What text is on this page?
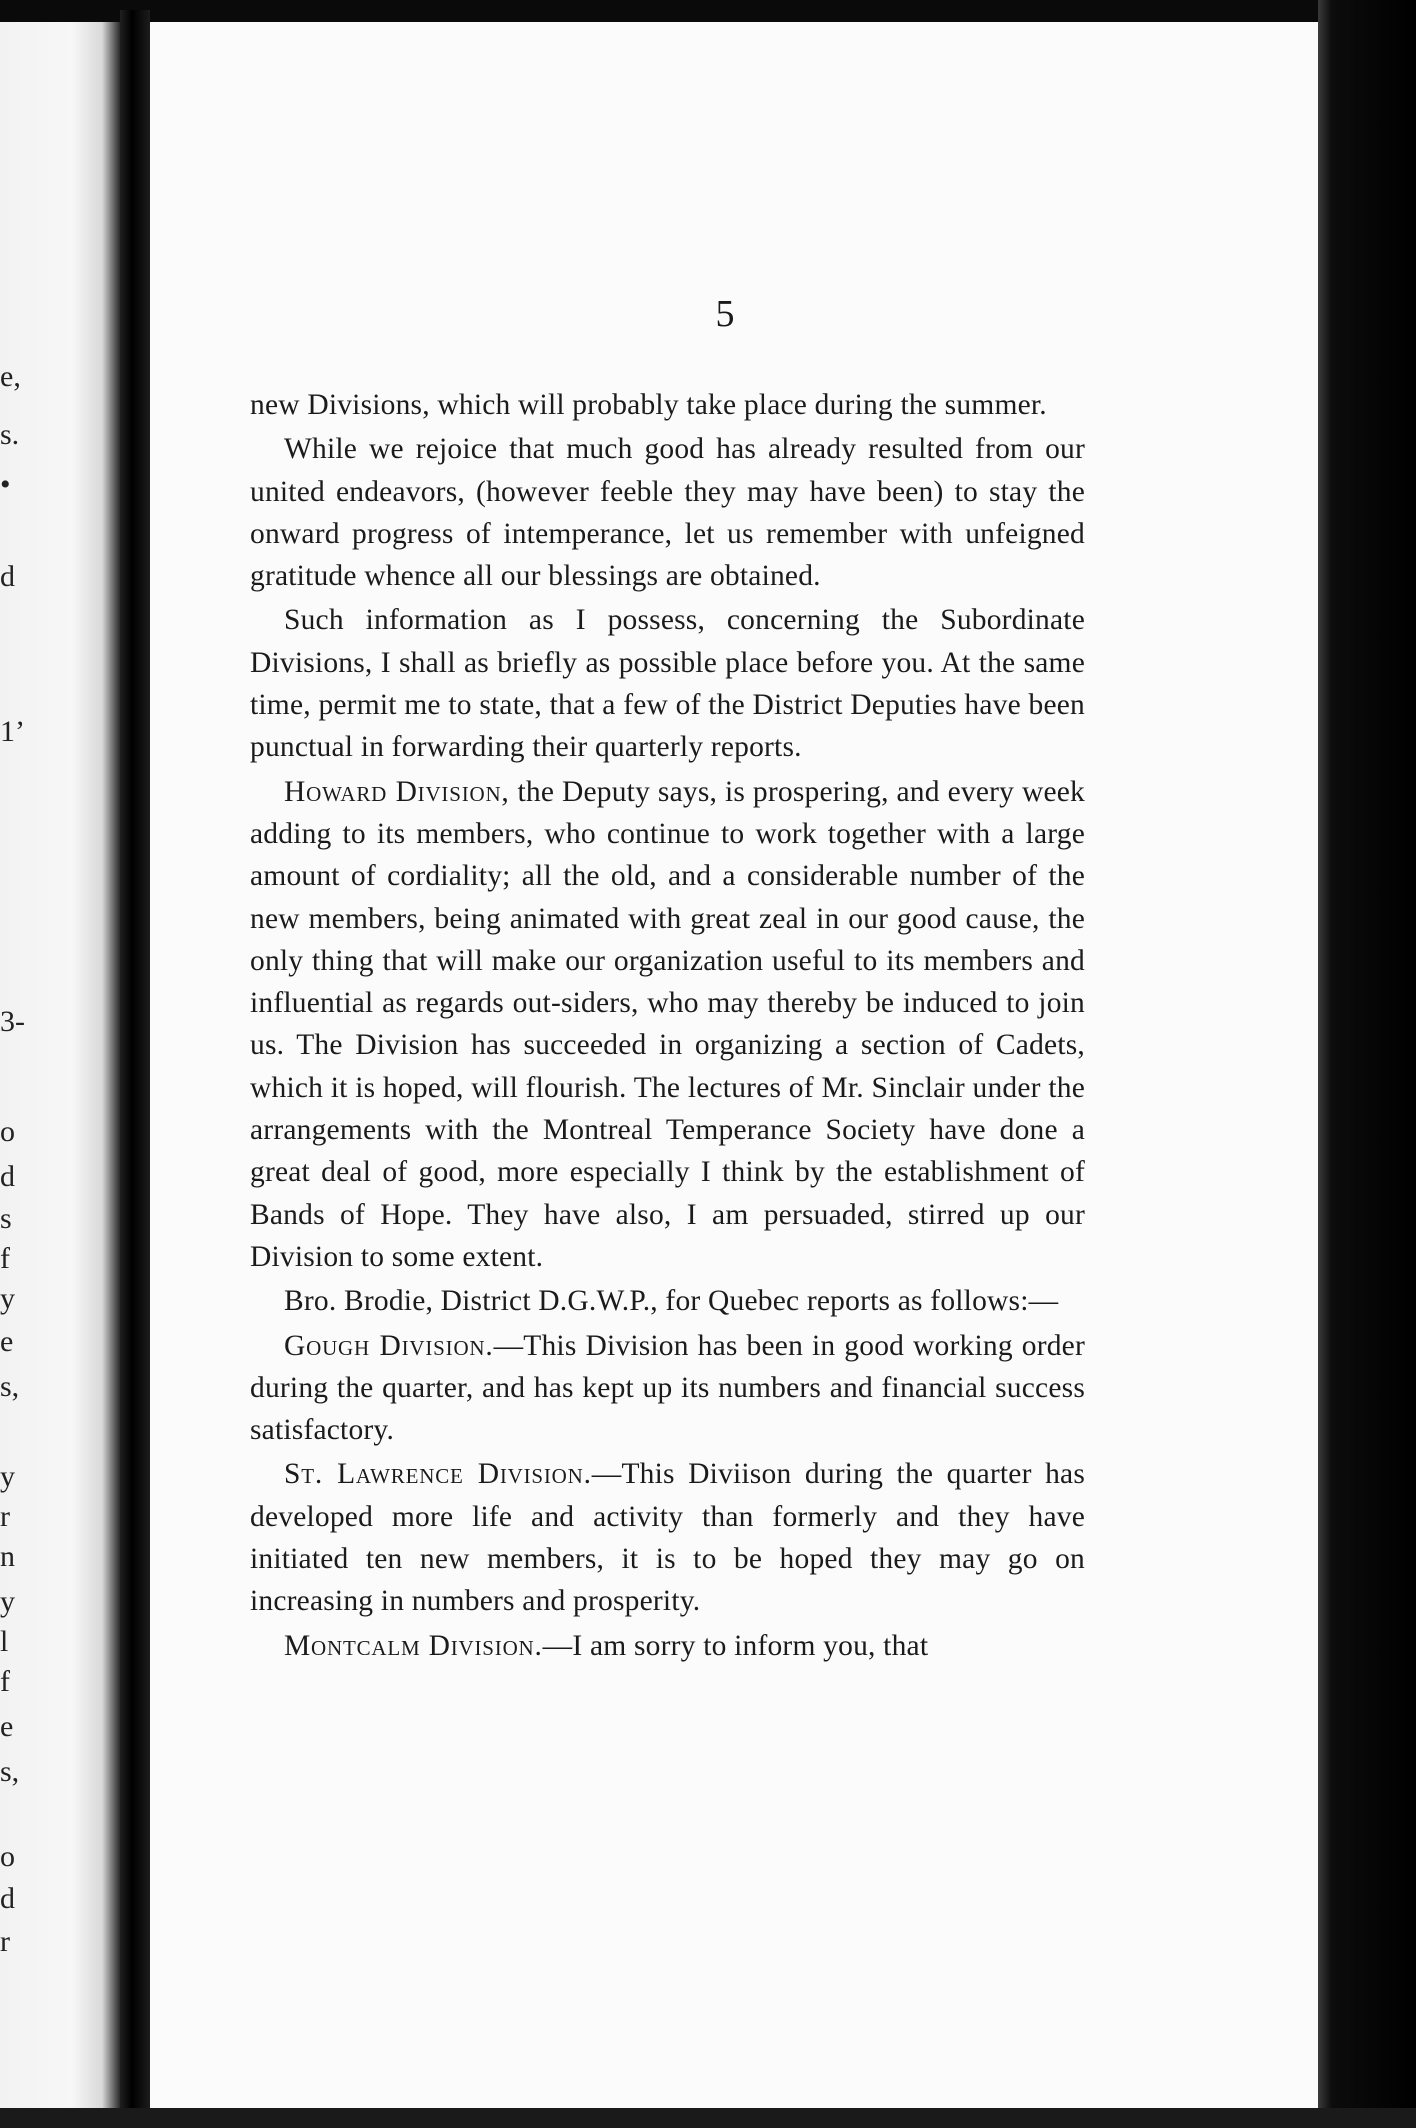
e,
s.
•
d
1’
3-
o
d
s
f
y
e
s,
y
r
n
y
l
f
e
s,
o
d
r
5

new Divisions, which will probably take place during the summer.

While we rejoice that much good has already resulted from our united endeavors, (however feeble they may have been) to stay the onward progress of intemperance, let us remember with unfeigned gratitude whence all our blessings are obtained.

Such information as I possess, concerning the Subordinate Divisions, I shall as briefly as possible place before you. At the same time, permit me to state, that a few of the District Deputies have been punctual in forwarding their quarterly reports.

Howard Division, the Deputy says, is prospering, and every week adding to its members, who continue to work together with a large amount of cordiality; all the old, and a considerable number of the new members, being animated with great zeal in our good cause, the only thing that will make our organization useful to its members and influential as regards out-siders, who may thereby be induced to join us. The Division has succeeded in organizing a section of Cadets, which it is hoped, will flourish. The lectures of Mr. Sinclair under the arrangements with the Montreal Temperance Society have done a great deal of good, more especially I think by the establishment of Bands of Hope. They have also, I am persuaded, stirred up our Division to some extent.

Bro. Brodie, District D.G.W.P., for Quebec reports as follows:—

Gough Division.—This Division has been in good working order during the quarter, and has kept up its numbers and financial success satisfactory.

St. Lawrence Division.—This Diviison during the quarter has developed more life and activity than formerly and they have initiated ten new members, it is to be hoped they may go on increasing in numbers and prosperity.

Montcalm Division.—I am sorry to inform you, that
